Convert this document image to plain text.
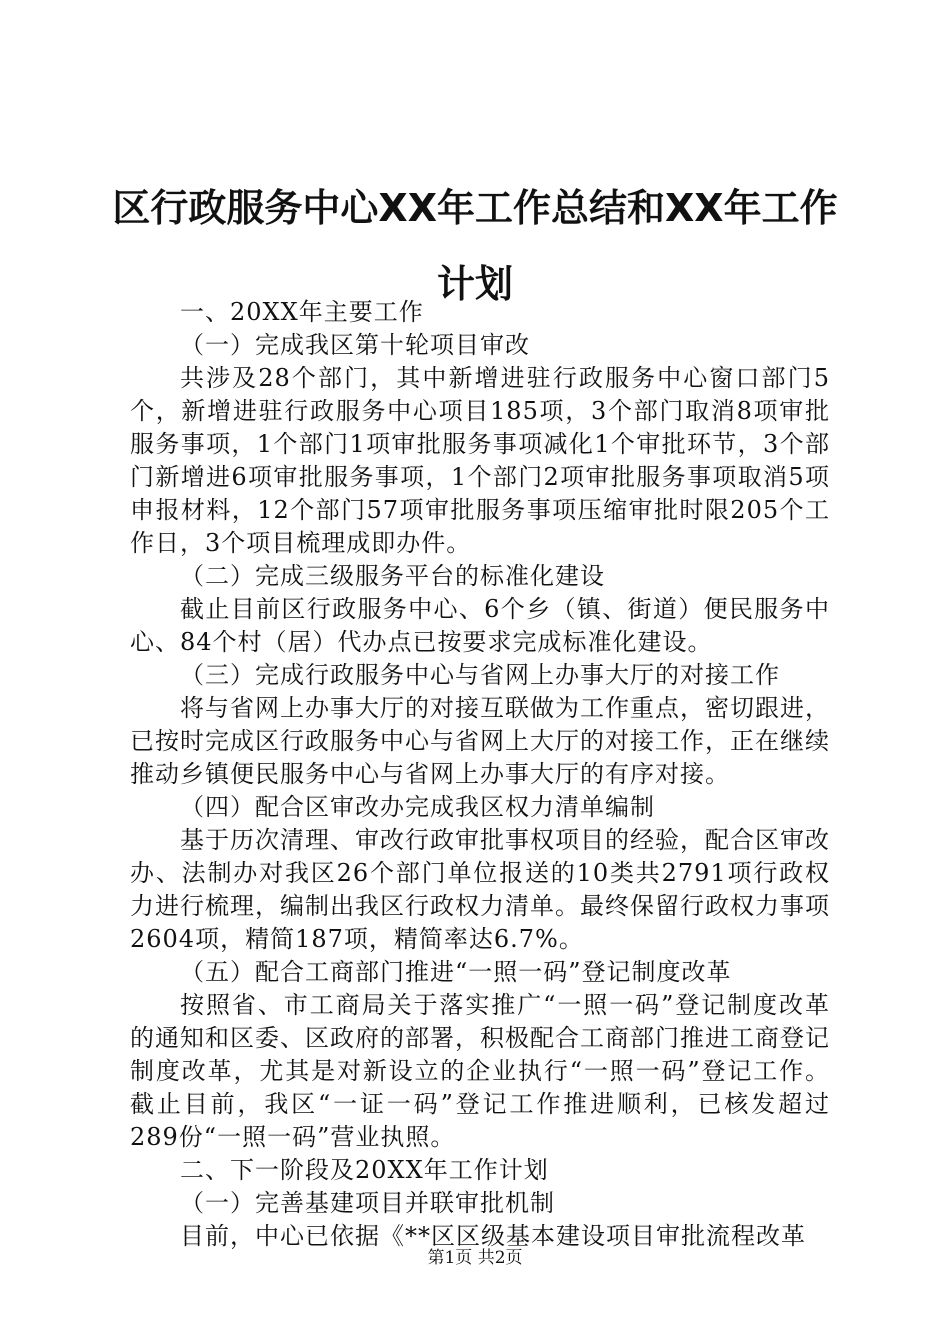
区行政服务中心XX年工作总结和XX年工作计划

一、20XX年主要工作

（一）完成我区第十轮项目审改

共涉及28个部门，其中新增进驻行政服务中心窗口部门5个，新增进驻行政服务中心项目185项，3个部门取消8项审批服务事项，1个部门1项审批服务事项减化1个审批环节，3个部门新增进6项审批服务事项，1个部门2项审批服务事项取消5项申报材料，12个部门57项审批服务事项压缩审批时限205个工作日，3个项目梳理成即办件。

（二）完成三级服务平台的标准化建设

截止目前区行政服务中心、6个乡（镇、街道）便民服务中心、84个村（居）代办点已按要求完成标准化建设。

（三）完成行政服务中心与省网上办事大厅的对接工作

将与省网上办事大厅的对接互联做为工作重点，密切跟进，已按时完成区行政服务中心与省网上大厅的对接工作，正在继续推动乡镇便民服务中心与省网上办事大厅的有序对接。

（四）配合区审改办完成我区权力清单编制

基于历次清理、审改行政审批事权项目的经验，配合区审改办、法制办对我区26个部门单位报送的10类共2791项行政权力进行梳理，编制出我区行政权力清单。最终保留行政权力事项2604项，精简187项，精简率达6.7%。

（五）配合工商部门推进“一照一码”登记制度改革

按照省、市工商局关于落实推广“一照一码”登记制度改革的通知和区委、区政府的部署，积极配合工商部门推进工商登记制度改革，尤其是对新设立的企业执行“一照一码”登记工作。截止目前，我区“一证一码”登记工作推进顺利，已核发超过289份“一照一码”营业执照。

二、下一阶段及20XX年工作计划

（一）完善基建项目并联审批机制

目前，中心已依据《**区区级基本建设项目审批流程改革

第1页 共2页
